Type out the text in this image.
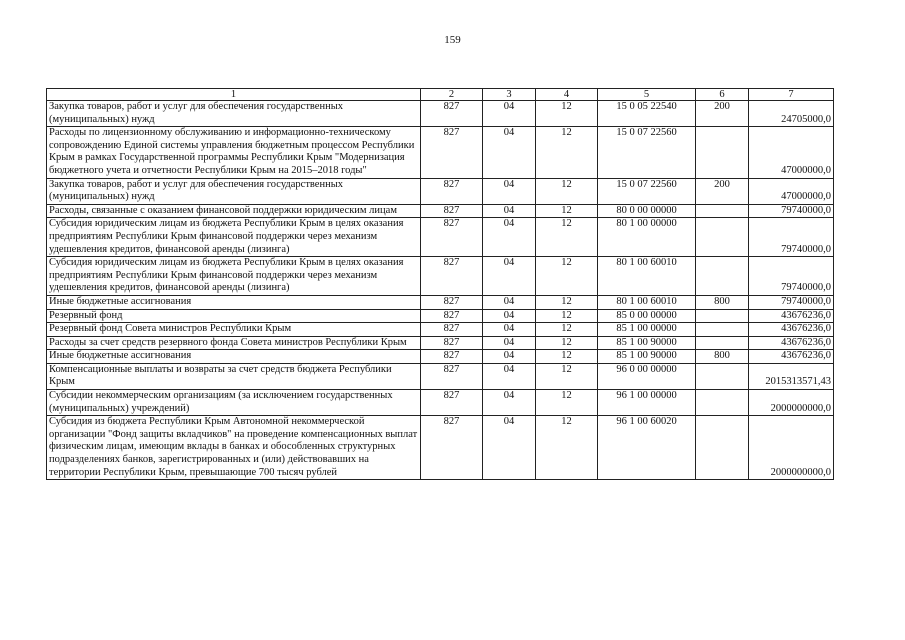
159
1	2	3	4	5	6	7
Закупка товаров, работ и услуг для обеспечения государственных (муниципальных) нужд	827	04	12	15 0 05 22540	200	24705000,0
Расходы по лицензионному обслуживанию и информационно-техническому сопровождению Единой системы управления бюджетным процессом Республики Крым в рамках Государственной программы Республики Крым "Модернизация бюджетного учета и отчетности Республики Крым на 2015–2018 годы"	827	04	12	15 0 07 22560		47000000,0
Закупка товаров, работ и услуг для обеспечения государственных (муниципальных) нужд	827	04	12	15 0 07 22560	200	47000000,0
Расходы, связанные с оказанием финансовой поддержки юридическим лицам	827	04	12	80 0 00 00000		79740000,0
Субсидия юридическим лицам из бюджета Республики Крым в целях оказания предприятиям Республики Крым финансовой поддержки через механизм удешевления кредитов, финансовой аренды (лизинга)	827	04	12	80 1 00 00000		79740000,0
Субсидия юридическим лицам из бюджета Республики Крым в целях оказания предприятиям Республики Крым финансовой поддержки через механизм удешевления кредитов, финансовой аренды (лизинга)	827	04	12	80 1 00 60010		79740000,0
Иные бюджетные ассигнования	827	04	12	80 1 00 60010	800	79740000,0
Резервный фонд	827	04	12	85 0 00 00000		43676236,0
Резервный фонд Совета министров Республики Крым	827	04	12	85 1 00 00000		43676236,0
Расходы за счет средств резервного фонда Совета министров Республики Крым	827	04	12	85 1 00 90000		43676236,0
Иные бюджетные ассигнования	827	04	12	85 1 00 90000	800	43676236,0
Компенсационные выплаты и возвраты за счет средств бюджета Республики Крым	827	04	12	96 0 00 00000		2015313571,43
Субсидии некоммерческим организациям (за исключением государственных (муниципальных) учреждений)	827	04	12	96 1 00 00000		2000000000,0
Субсидия из бюджета Республики Крым Автономной некоммерческой организации "Фонд защиты вкладчиков" на проведение компенсационных выплат физическим лицам, имеющим вклады в банках и обособленных структурных подразделениях банков, зарегистрированных и (или) действовавших на территории Республики Крым, превышающие 700 тысяч рублей	827	04	12	96 1 00 60020		2000000000,0
